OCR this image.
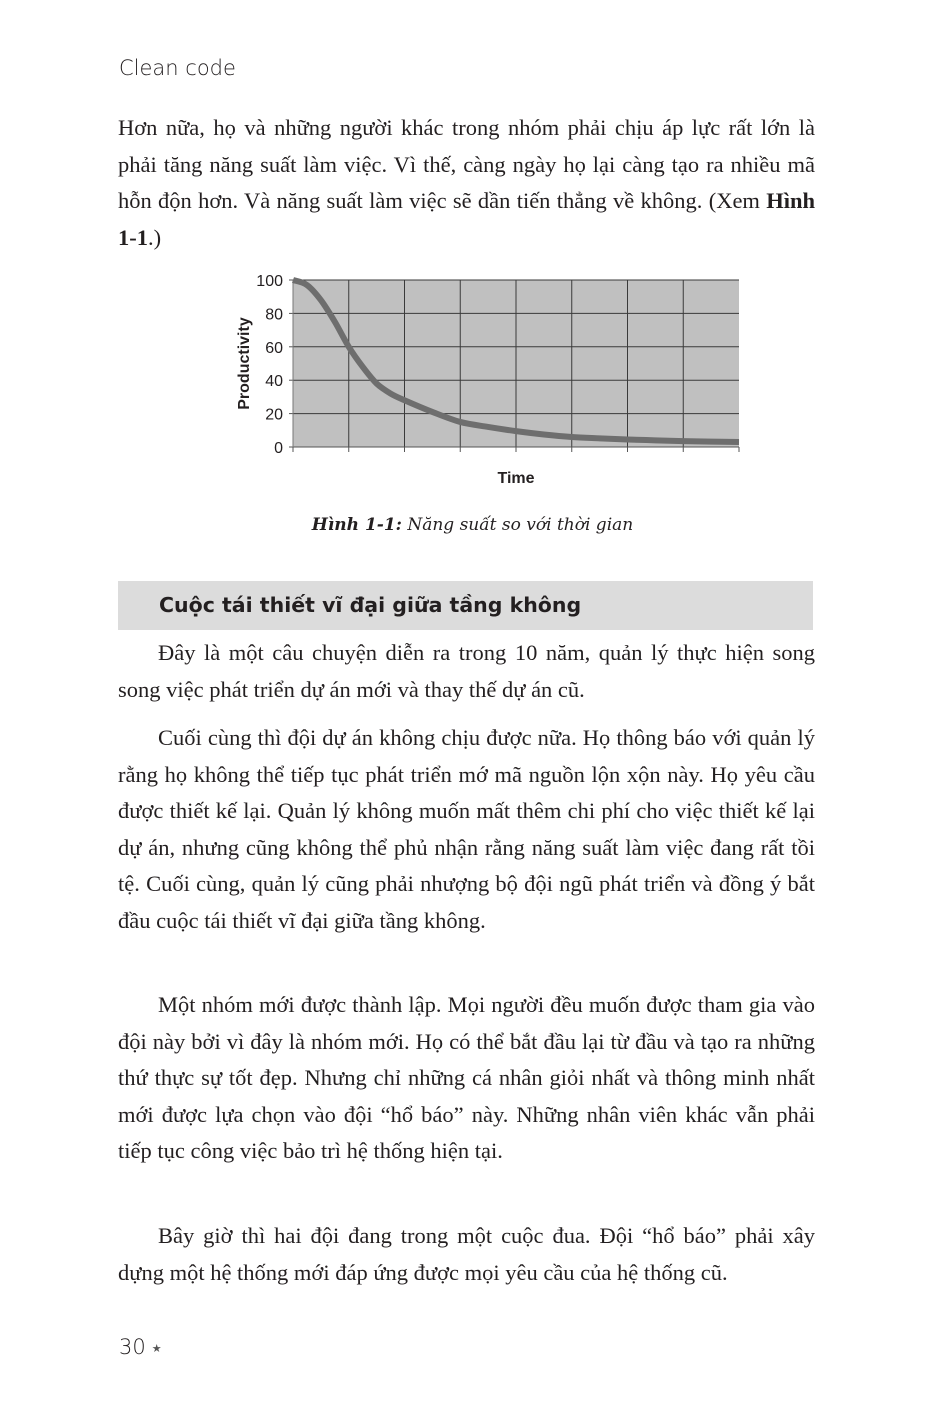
Clean code

Hơn nữa, họ và những người khác trong nhóm phải chịu áp lực rất lớn là phải tăng năng suất làm việc. Vì thế, càng ngày họ lại càng tạo ra nhiều mã hỗn độn hơn. Và năng suất làm việc sẽ dần tiến thẳng về không. (Xem Hình 1-1.)

0
20
40
60
80
100
Time
Productivity
Hình 1-1: Năng suất so với thời gian
Cuộc tái thiết vĩ đại giữa tầng không

Đây là một câu chuyện diễn ra trong 10 năm, quản lý thực hiện song song việc phát triển dự án mới và thay thế dự án cũ.

Cuối cùng thì đội dự án không chịu được nữa. Họ thông báo với quản lý rằng họ không thể tiếp tục phát triển mớ mã nguồn lộn xộn này. Họ yêu cầu được thiết kế lại. Quản lý không muốn mất thêm chi phí cho việc thiết kế lại dự án, nhưng cũng không thể phủ nhận rằng năng suất làm việc đang rất tồi tệ. Cuối cùng, quản lý cũng phải nhượng bộ đội ngũ phát triển và đồng ý bắt đầu cuộc tái thiết vĩ đại giữa tầng không.

Một nhóm mới được thành lập. Mọi người đều muốn được tham gia vào đội này bởi vì đây là nhóm mới. Họ có thể bắt đầu lại từ đầu và tạo ra những thứ thực sự tốt đẹp. Nhưng chỉ những cá nhân giỏi nhất và thông minh nhất mới được lựa chọn vào đội “hổ báo” này. Những nhân viên khác vẫn phải tiếp tục công việc bảo trì hệ thống hiện tại.

Bây giờ thì hai đội đang trong một cuộc đua. Đội “hổ báo” phải xây dựng một hệ thống mới đáp ứng được mọi yêu cầu của hệ thống cũ.

30 ★
